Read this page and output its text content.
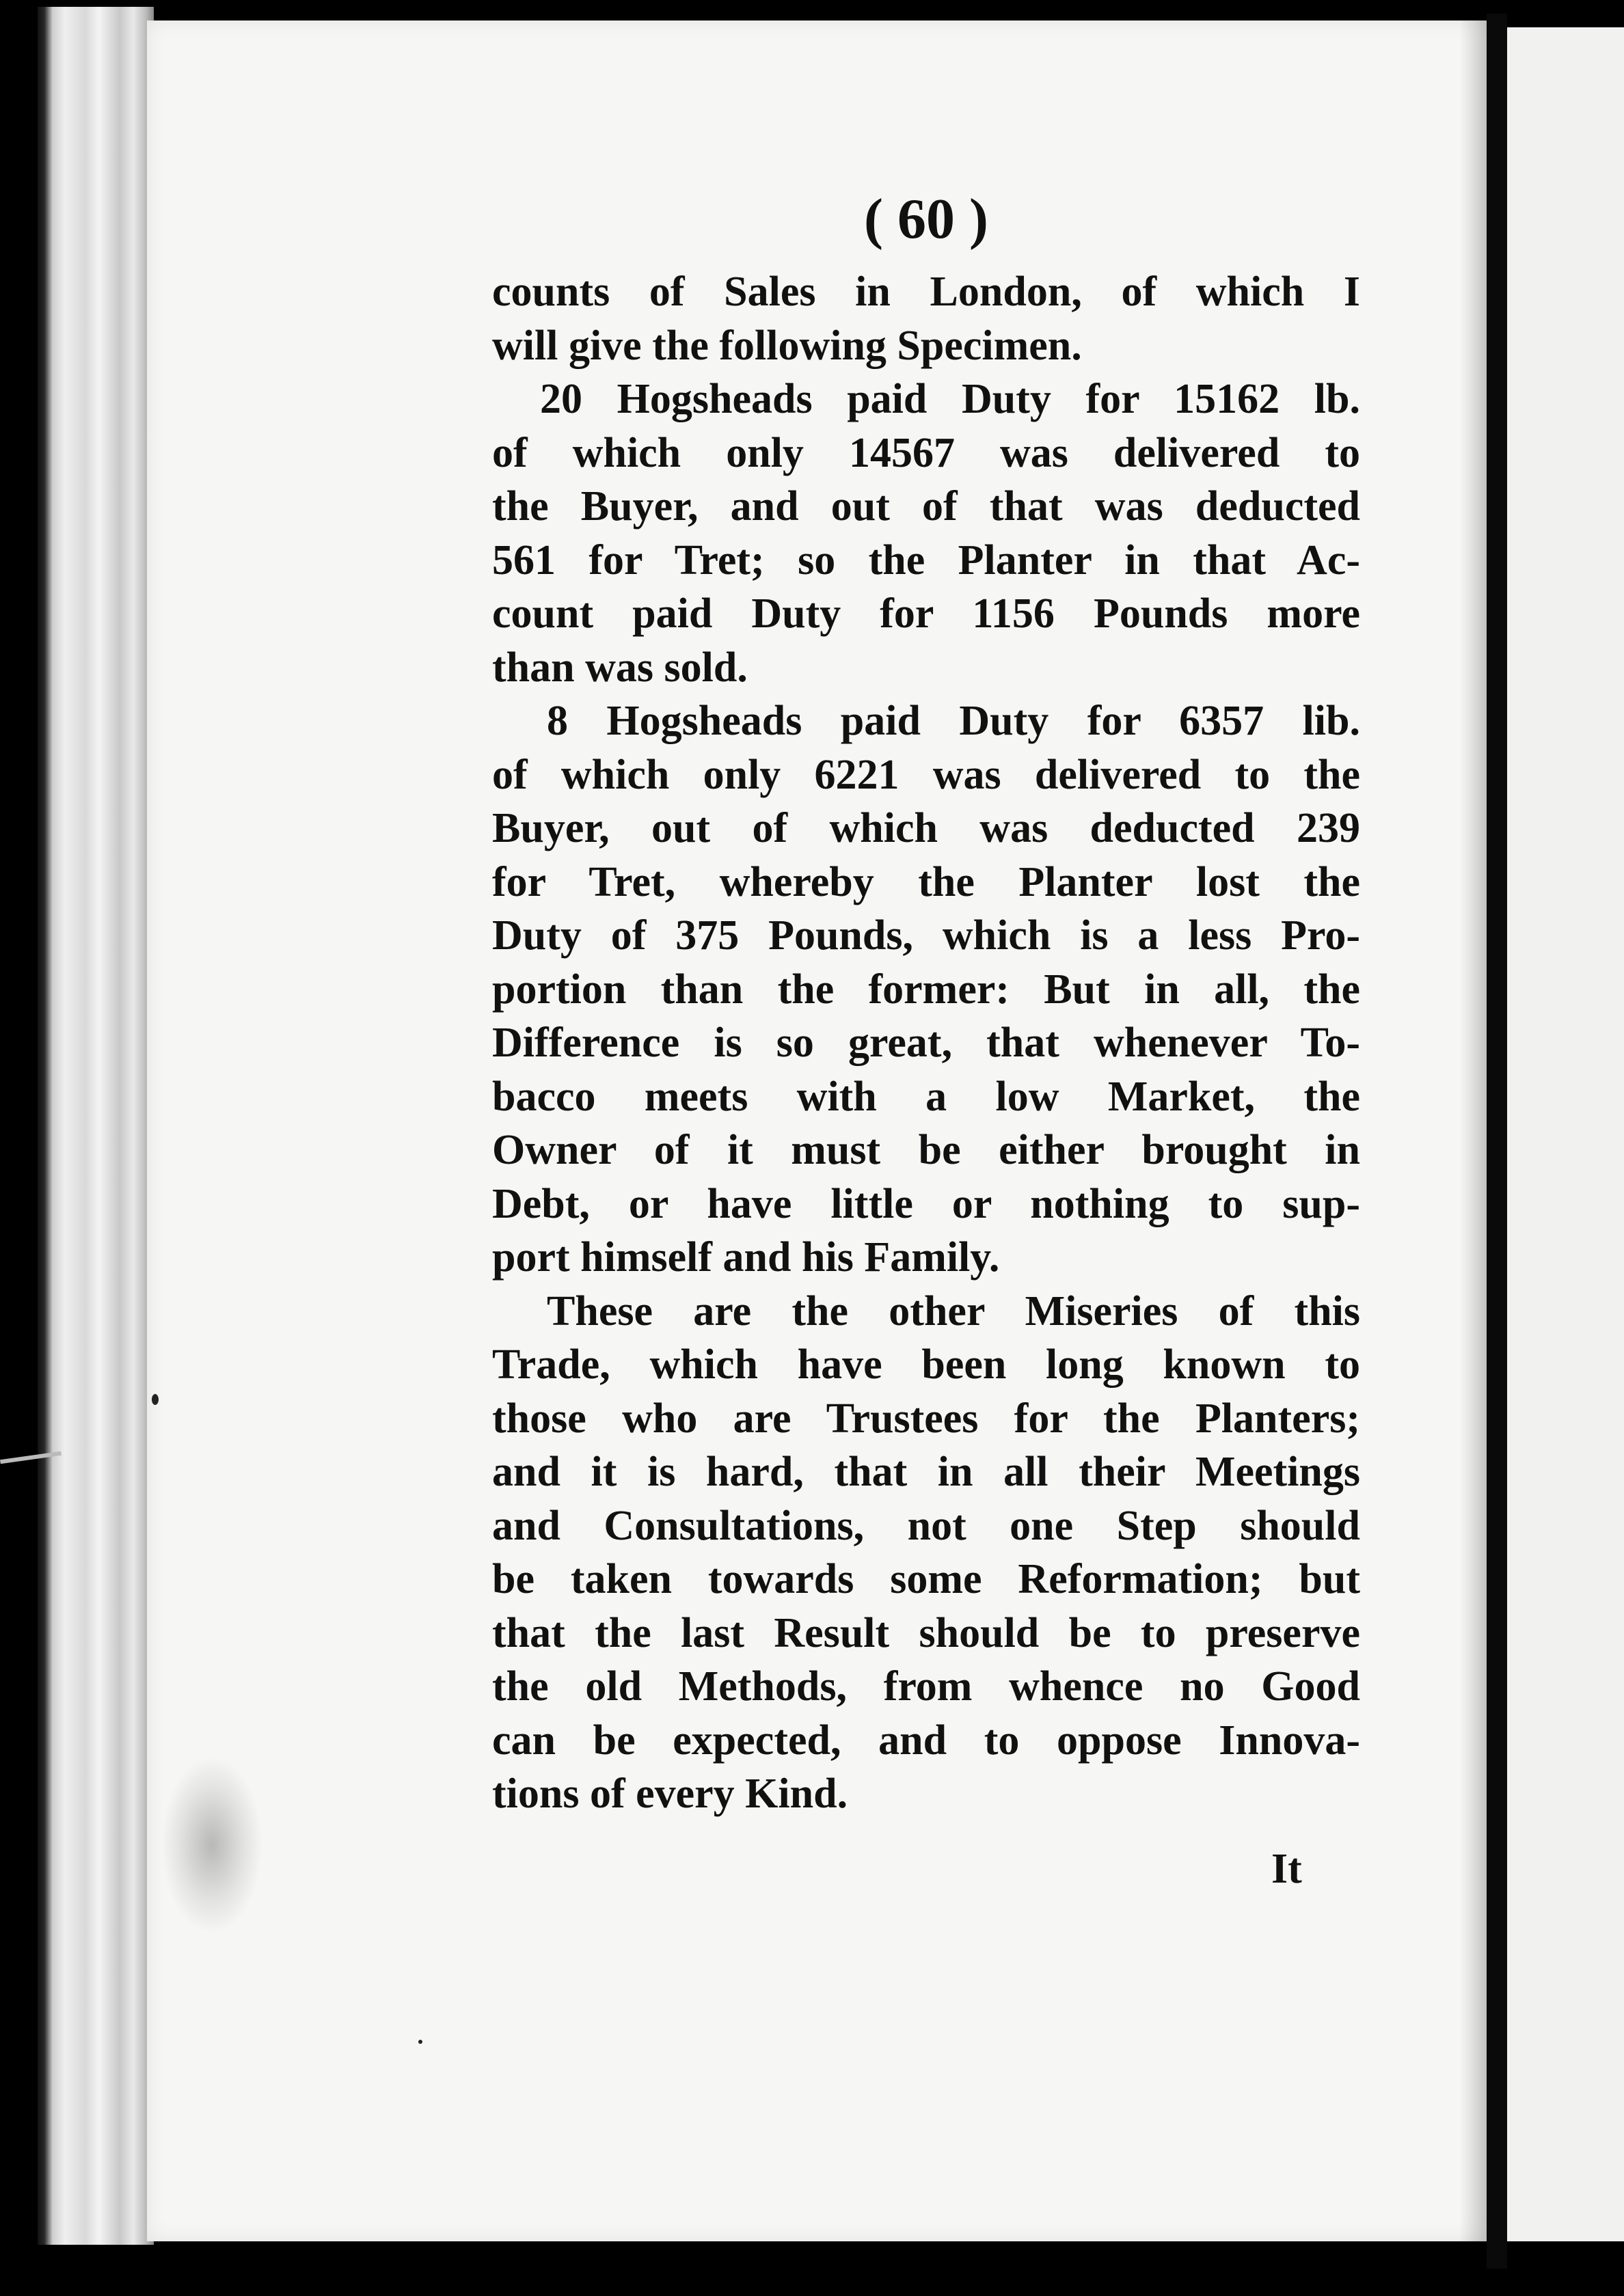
( 60 )
counts of Sales in London, of which I
will give the following Specimen.
20 Hogsheads paid Duty for 15162 lb.
of which only 14567 was delivered to
the Buyer, and out of that was deducted
561 for Tret; so the Planter in that Ac-
count paid Duty for 1156 Pounds more
than was sold.
8 Hogsheads paid Duty for 6357 lib.
of which only 6221 was delivered to the
Buyer, out of which was deducted 239
for Tret, whereby the Planter lost the
Duty of 375 Pounds, which is a less Pro-
portion than the former: But in all, the
Difference is so great, that whenever To-
bacco meets with a low Market, the
Owner of it must be either brought in
Debt, or have little or nothing to sup-
port himself and his Family.
These are the other Miseries of this
Trade, which have been long known to
those who are Trustees for the Planters;
and it is hard, that in all their Meetings
and Consultations, not one Step should
be taken towards some Reformation; but
that the last Result should be to preserve
the old Methods, from whence no Good
can be expected, and to oppose Innova-
tions of every Kind.
It
